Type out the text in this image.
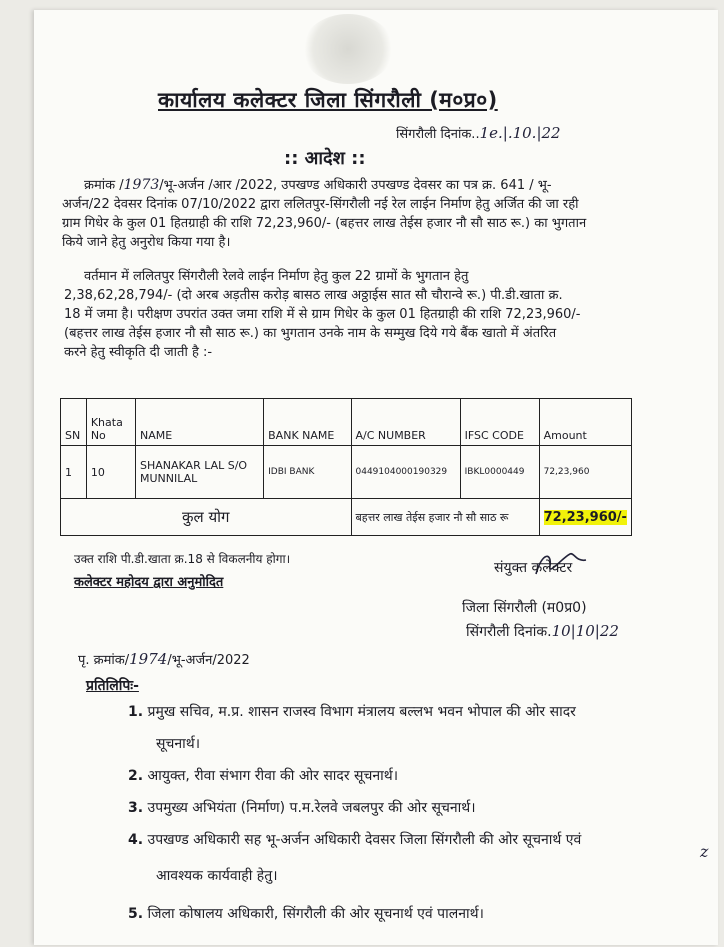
कार्यालय कलेक्टर जिला सिंगरौली (म०प्र०)
सिंगरौली दिनांक..1e.|.10.|22
:: आदेश ::
क्रमांक /1973/भू-अर्जन /आर /2022, उपखण्ड अधिकारी उपखण्ड देवसर का पत्र क्र. 641 / भू-
अर्जन/22 देवसर दिनांक 07/10/2022 द्वारा ललितपुर-सिंगरौली नई रेल लाईन निर्माण हेतु अर्जित की जा रही
ग्राम गिधेर के कुल 01 हितग्राही की राशि 72,23,960/- (बहत्तर लाख तेईस हजार नौ सौ साठ रू.) का भुगतान
किये जाने हेतु अनुरोध किया गया है।
वर्तमान में ललितपुर सिंगरौली रेलवे लाईन निर्माण हेतु कुल 22 ग्रामों के भुगतान हेतु
2,38,62,28,794/- (दो अरब अड़तीस करोड़ बासठ लाख अठ्ठाईस सात सौ चौरान्वे रू.) पी.डी.खाता क्र.
18 में जमा है। परीक्षण उपरांत उक्त जमा राशि में से ग्राम गिधेर के कुल 01 हितग्राही की राशि 72,23,960/-
(बहत्तर लाख तेईस हजार नौ सौ साठ रू.) का भुगतान उनके नाम के सम्मुख दिये गये बैंक खातो में अंतरित
करने हेतु स्वीकृति दी जाती है :-
SN	Khata No	NAME	BANK NAME	A/C NUMBER	IFSC CODE	Amount
1	10	SHANAKAR LAL S/O MUNNILAL	IDBI BANK	0449104000190329	IBKL0000449	72,23,960
कुल योग				बहत्तर लाख तेईस हजार नौ सौ साठ रू		72,23,960/-
उक्त राशि पी.डी.खाता क्र.18 से विकलनीय होगा।
कलेक्टर महोदय द्वारा अनुमोदित
संयुक्त कलेक्टर
जिला सिंगरौली (म0प्र0)
सिंगरौली दिनांक.10|10|22
पृ. क्रमांक/1974/भू-अर्जन/2022
प्रतिलिपिः-
1. प्रमुख सचिव, म.प्र. शासन राजस्व विभाग मंत्रालय बल्लभ भवन भोपाल की ओर सादर
सूचनार्थ।
2. आयुक्त, रीवा संभाग रीवा की ओर सादर सूचनार्थ।
3. उपमुख्य अभियंता (निर्माण) प.म.रेलवे जबलपुर की ओर सूचनार्थ।
4. उपखण्ड अधिकारी सह भू-अर्जन अधिकारी देवसर जिला सिंगरौली की ओर सूचनार्थ एवं
आवश्यक कार्यवाही हेतु।
5. जिला कोषालय अधिकारी, सिंगरौली की ओर सूचनार्थ एवं पालनार्थ।
z
